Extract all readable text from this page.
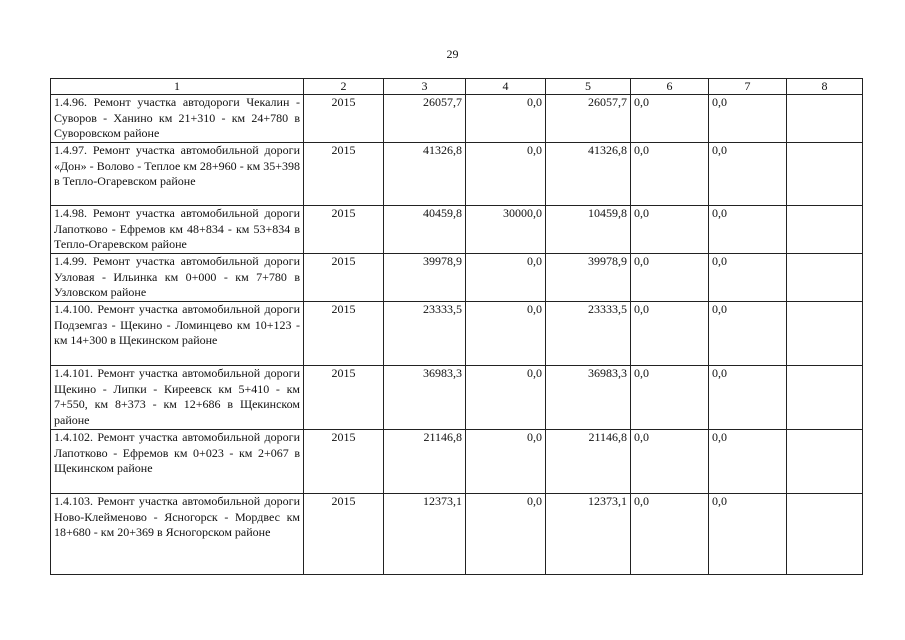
29
1	2	3	4	5	6	7	8
1.4.96. Ремонт участка автодороги Чекалин - Суворов - Ханино км 21+310 - км 24+780 в Суворовском районе	2015	26057,7	0,0	26057,7	0,0	0,0	
1.4.97. Ремонт участка автомобильной дороги «Дон» - Волово - Теплое км 28+960 - км 35+398 в Тепло-Огаревском районе	2015	41326,8	0,0	41326,8	0,0	0,0	
1.4.98. Ремонт участка автомобильной дороги Лапотково - Ефремов км 48+834 - км 53+834 в Тепло-Огаревском районе	2015	40459,8	30000,0	10459,8	0,0	0,0	
1.4.99. Ремонт участка автомобильной дороги Узловая - Ильинка км 0+000 - км 7+780 в Узловском районе	2015	39978,9	0,0	39978,9	0,0	0,0	
1.4.100. Ремонт участка автомобильной дороги Подземгаз - Щекино - Ломинцево км 10+123 - км 14+300 в Щекинском районе	2015	23333,5	0,0	23333,5	0,0	0,0	
1.4.101. Ремонт участка автомобильной дороги Щекино - Липки - Киреевск км 5+410 - км 7+550, км 8+373 - км 12+686 в Щекинском районе	2015	36983,3	0,0	36983,3	0,0	0,0	
1.4.102. Ремонт участка автомобильной дороги Лапотково - Ефремов км 0+023 - км 2+067 в Щекинском районе	2015	21146,8	0,0	21146,8	0,0	0,0	
1.4.103. Ремонт участка автомобильной дороги Ново-Клейменово - Ясногорск - Мордвес км 18+680 - км 20+369 в Ясногорском районе	2015	12373,1	0,0	12373,1	0,0	0,0	
